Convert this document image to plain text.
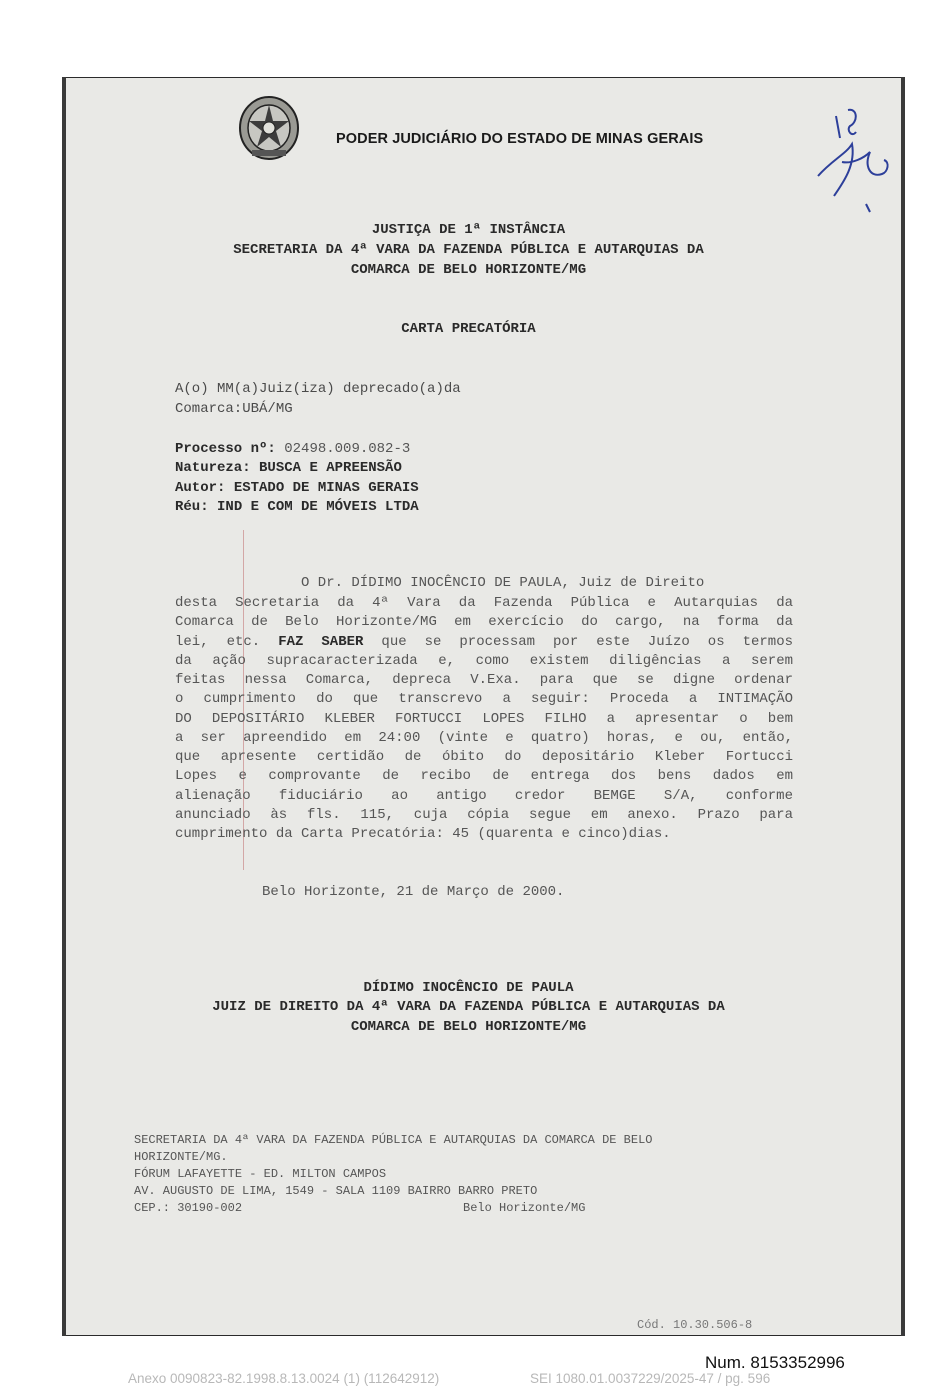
PODER JUDICIÁRIO DO ESTADO DE MINAS GERAIS
JUSTIÇA DE 1ª INSTÂNCIA
SECRETARIA DA 4ª VARA DA FAZENDA PÚBLICA E AUTARQUIAS DA
COMARCA DE BELO HORIZONTE/MG
CARTA PRECATÓRIA
A(o) MM(a)Juiz(iza) deprecado(a)da
Comarca:UBÁ/MG
Processo nº: 02498.009.082-3
Natureza: BUSCA E APREENSÃO
Autor: ESTADO DE MINAS GERAIS
Réu: IND E COM DE MÓVEIS LTDA
O Dr. DÍDIMO INOCÊNCIO DE PAULA, Juiz de Direito
desta Secretaria da 4ª Vara da Fazenda Pública e Autarquias da
Comarca de Belo Horizonte/MG em exercício do cargo, na forma da
lei, etc. FAZ SABER que se processam por este Juízo os termos
da ação supracaracterizada e, como existem diligências a serem
feitas nessa Comarca, depreca V.Exa. para que se digne ordenar
o cumprimento do que transcrevo a seguir: Proceda a INTIMAÇÃO
DO DEPOSITÁRIO KLEBER FORTUCCI LOPES FILHO a apresentar o bem
a ser apreendido em 24:00 (vinte e quatro) horas, e ou, então,
que apresente certidão de óbito do depositário Kleber Fortucci
Lopes e comprovante de recibo de entrega dos bens dados em
alienação fiduciário ao antigo credor BEMGE S/A, conforme
anunciado às fls. 115, cuja cópia segue em anexo. Prazo para
cumprimento da Carta Precatória: 45 (quarenta e cinco)dias.
Belo Horizonte, 21 de Março de 2000.
DÍDIMO INOCÊNCIO DE PAULA
JUIZ DE DIREITO DA 4ª VARA DA FAZENDA PÚBLICA E AUTARQUIAS DA
COMARCA DE BELO HORIZONTE/MG
SECRETARIA DA 4ª VARA DA FAZENDA PÚBLICA E AUTARQUIAS DA COMARCA DE BELO
HORIZONTE/MG.
FÓRUM LAFAYETTE - ED. MILTON CAMPOS
AV. AUGUSTO DE LIMA, 1549 - SALA 1109 BAIRRO BARRO PRETO
CEP.: 30190-002	Belo Horizonte/MG
Cód. 10.30.506-8
Num. 8153352996
Anexo 0090823-82.1998.8.13.0024 (1) (112642912)	SEI 1080.01.0037229/2025-47 / pg. 596
